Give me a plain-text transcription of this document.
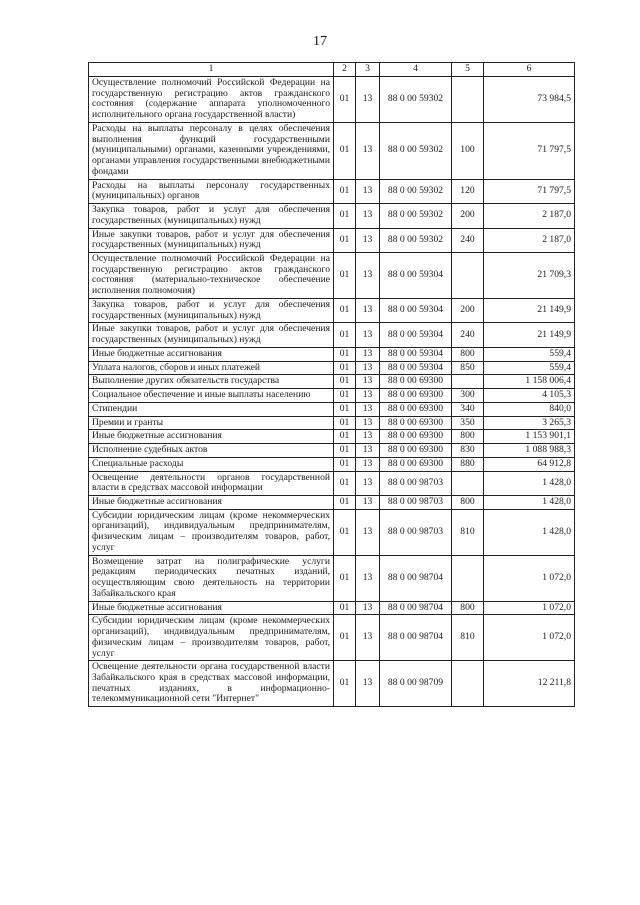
17
1	2	3	4	5	6
Осуществление полномочий Российской Федерации на государственную регистрацию актов гражданского состояния (содержание аппарата уполномоченного исполнительного органа государственной власти)	01	13	88 0 00 59302		73 984,5
Расходы на выплаты персоналу в целях обеспечения выполнения функций государственными (муниципальными) органами, казенными учреждениями, органами управления государственными внебюджетными фондами	01	13	88 0 00 59302	100	71 797,5
Расходы на выплаты персоналу государственных (муниципальных) органов	01	13	88 0 00 59302	120	71 797,5
Закупка товаров, работ и услуг для обеспечения государственных (муниципальных) нужд	01	13	88 0 00 59302	200	2 187,0
Иные закупки товаров, работ и услуг для обеспечения государственных (муниципальных) нужд	01	13	88 0 00 59302	240	2 187,0
Осуществление полномочий Российской Федерации на государственную регистрацию актов гражданского состояния (материально-техническое обеспечение исполнения полномочия)	01	13	88 0 00 59304		21 709,3
Закупка товаров, работ и услуг для обеспечения государственных (муниципальных) нужд	01	13	88 0 00 59304	200	21 149,9
Иные закупки товаров, работ и услуг для обеспечения государственных (муниципальных) нужд	01	13	88 0 00 59304	240	21 149,9
Иные бюджетные ассигнования	01	13	88 0 00 59304	800	559,4
Уплата налогов, сборов и иных платежей	01	13	88 0 00 59304	850	559,4
Выполнение других обязательств государства	01	13	88 0 00 69300		1 158 006,4
Социальное обеспечение и иные выплаты населению	01	13	88 0 00 69300	300	4 105,3
Стипендии	01	13	88 0 00 69300	340	840,0
Премии и гранты	01	13	88 0 00 69300	350	3 265,3
Иные бюджетные ассигнования	01	13	88 0 00 69300	800	1 153 901,1
Исполнение судебных актов	01	13	88 0 00 69300	830	1 088 988,3
Специальные расходы	01	13	88 0 00 69300	880	64 912,8
Освещение деятельности органов государственной власти в средствах массовой информации	01	13	88 0 00 98703		1 428,0
Иные бюджетные ассигнования	01	13	88 0 00 98703	800	1 428,0
Субсидии юридическим лицам (кроме некоммерческих организаций), индивидуальным предпринимателям, физическим лицам – производителям товаров, работ, услуг	01	13	88 0 00 98703	810	1 428,0
Возмещение затрат на полиграфические услуги редакциям периодических печатных изданий, осуществляющим свою деятельность на территории Забайкальского края	01	13	88 0 00 98704		1 072,0
Иные бюджетные ассигнования	01	13	88 0 00 98704	800	1 072,0
Субсидии юридическим лицам (кроме некоммерческих организаций), индивидуальным предпринимателям, физическим лицам – производителям товаров, работ, услуг	01	13	88 0 00 98704	810	1 072,0
Освещение деятельности органа государственной власти Забайкальского края в средствах массовой информации, печатных изданиях, в информационно-телекоммуникационной сети "Интернет"	01	13	88 0 00 98709		12 211,8
